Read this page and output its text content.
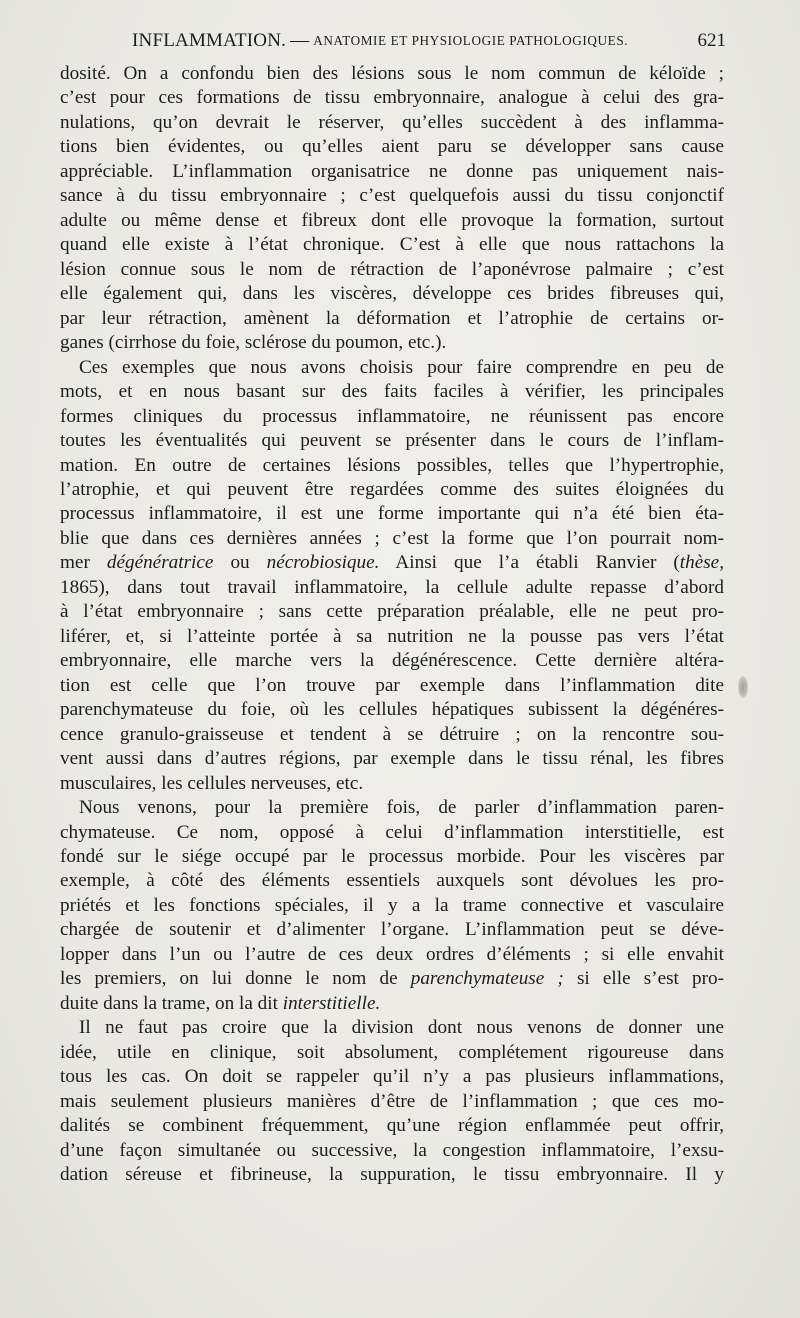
INFLAMMATION. — ANATOMIE ET PHYSIOLOGIE PATHOLOGIQUES.	621
dosité. On a confondu bien des lésions sous le nom commun de kéloïde ;
c’est pour ces formations de tissu embryonnaire, analogue à celui des gra-
nulations, qu’on devrait le réserver, qu’elles succèdent à des inflamma-
tions bien évidentes, ou qu’elles aient paru se développer sans cause
appréciable. L’inflammation organisatrice ne donne pas uniquement nais-
sance à du tissu embryonnaire ; c’est quelquefois aussi du tissu conjonctif
adulte ou même dense et fibreux dont elle provoque la formation, surtout
quand elle existe à l’état chronique. C’est à elle que nous rattachons la
lésion connue sous le nom de rétraction de l’aponévrose palmaire ; c’est
elle également qui, dans les viscères, développe ces brides fibreuses qui,
par leur rétraction, amènent la déformation et l’atrophie de certains or-
ganes (cirrhose du foie, sclérose du poumon, etc.).
Ces exemples que nous avons choisis pour faire comprendre en peu de
mots, et en nous basant sur des faits faciles à vérifier, les principales
formes cliniques du processus inflammatoire, ne réunissent pas encore
toutes les éventualités qui peuvent se présenter dans le cours de l’inflam-
mation. En outre de certaines lésions possibles, telles que l’hypertrophie,
l’atrophie, et qui peuvent être regardées comme des suites éloignées du
processus inflammatoire, il est une forme importante qui n’a été bien éta-
blie que dans ces dernières années ; c’est la forme que l’on pourrait nom-
mer dégénératrice ou nécrobiosique. Ainsi que l’a établi Ranvier (thèse,
1865), dans tout travail inflammatoire, la cellule adulte repasse d’abord
à l’état embryonnaire ; sans cette préparation préalable, elle ne peut pro-
liférer, et, si l’atteinte portée à sa nutrition ne la pousse pas vers l’état
embryonnaire, elle marche vers la dégénérescence. Cette dernière altéra-
tion est celle que l’on trouve par exemple dans l’inflammation dite
parenchymateuse du foie, où les cellules hépatiques subissent la dégénéres-
cence granulo-graisseuse et tendent à se détruire ; on la rencontre sou-
vent aussi dans d’autres régions, par exemple dans le tissu rénal, les fibres
musculaires, les cellules nerveuses, etc.
Nous venons, pour la première fois, de parler d’inflammation paren-
chymateuse. Ce nom, opposé à celui d’inflammation interstitielle, est
fondé sur le siége occupé par le processus morbide. Pour les viscères par
exemple, à côté des éléments essentiels auxquels sont dévolues les pro-
priétés et les fonctions spéciales, il y a la trame connective et vasculaire
chargée de soutenir et d’alimenter l’organe. L’inflammation peut se déve-
lopper dans l’un ou l’autre de ces deux ordres d’éléments ; si elle envahit
les premiers, on lui donne le nom de parenchymateuse ; si elle s’est pro-
duite dans la trame, on la dit interstitielle.
Il ne faut pas croire que la division dont nous venons de donner une
idée, utile en clinique, soit absolument, complétement rigoureuse dans
tous les cas. On doit se rappeler qu’il n’y a pas plusieurs inflammations,
mais seulement plusieurs manières d’être de l’inflammation ; que ces mo-
dalités se combinent fréquemment, qu’une région enflammée peut offrir,
d’une façon simultanée ou successive, la congestion inflammatoire, l’exsu-
dation séreuse et fibrineuse, la suppuration, le tissu embryonnaire. Il y
